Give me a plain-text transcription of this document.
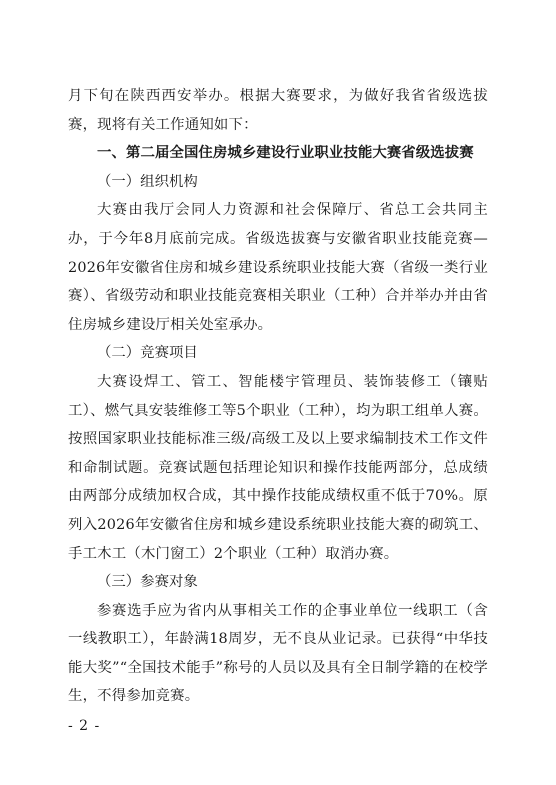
月下旬在陕西西安举办。根据大赛要求，为做好我省省级选拔赛，现将有关工作通知如下：

一、第二届全国住房城乡建设行业职业技能大赛省级选拔赛

（一）组织机构

大赛由我厅会同人力资源和社会保障厅、省总工会共同主办，于今年8月底前完成。省级选拔赛与安徽省职业技能竞赛—2026年安徽省住房和城乡建设系统职业技能大赛（省级一类行业赛）、省级劳动和职业技能竞赛相关职业（工种）合并举办并由省住房城乡建设厅相关处室承办。

（二）竞赛项目

大赛设焊工、管工、智能楼宇管理员、装饰装修工（镶贴工）、燃气具安装维修工等5个职业（工种），均为职工组单人赛。按照国家职业技能标准三级/高级工及以上要求编制技术工作文件和命制试题。竞赛试题包括理论知识和操作技能两部分，总成绩由两部分成绩加权合成，其中操作技能成绩权重不低于70%。原列入2026年安徽省住房和城乡建设系统职业技能大赛的砌筑工、手工木工（木门窗工）2个职业（工种）取消办赛。

（三）参赛对象

参赛选手应为省内从事相关工作的企事业单位一线职工（含一线教职工），年龄满18周岁，无不良从业记录。已获得“中华技能大奖”“全国技术能手”称号的人员以及具有全日制学籍的在校学生，不得参加竞赛。

- 2 -
